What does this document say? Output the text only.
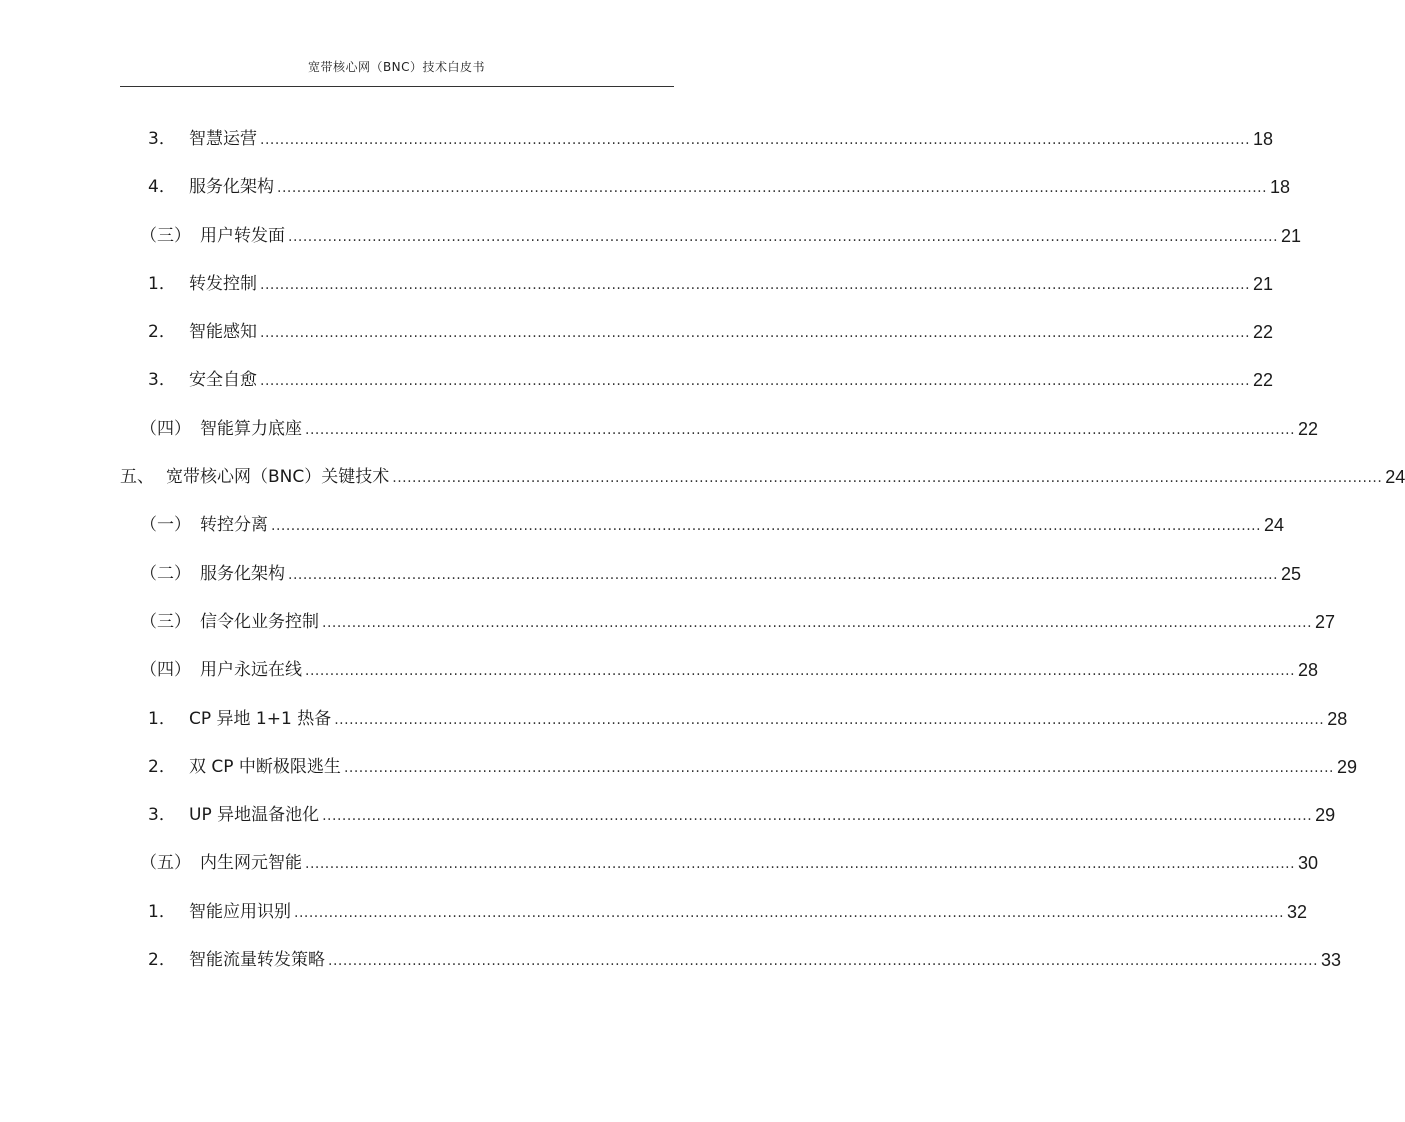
宽带核心网（BNC）技术白皮书
3． 智慧运营 ........................................................................................................................................................................................................ 18
4． 服务化架构 ........................................................................................................................................................................................................ 18
（三） 用户转发面 ........................................................................................................................................................................................................ 21
1． 转发控制 ........................................................................................................................................................................................................ 21
2． 智能感知 ........................................................................................................................................................................................................ 22
3． 安全自愈 ........................................................................................................................................................................................................ 22
（四） 智能算力底座 ........................................................................................................................................................................................................ 22
五、 宽带核心网（BNC）关键技术 ........................................................................................................................................................................................................ 24
（一） 转控分离 ........................................................................................................................................................................................................ 24
（二） 服务化架构 ........................................................................................................................................................................................................ 25
（三） 信令化业务控制 ........................................................................................................................................................................................................ 27
（四） 用户永远在线 ........................................................................................................................................................................................................ 28
1． CP 异地 1+1 热备 ........................................................................................................................................................................................................ 28
2． 双 CP 中断极限逃生 ........................................................................................................................................................................................................ 29
3． UP 异地温备池化 ........................................................................................................................................................................................................ 29
（五） 内生网元智能 ........................................................................................................................................................................................................ 30
1． 智能应用识别 ........................................................................................................................................................................................................ 32
2． 智能流量转发策略 ........................................................................................................................................................................................................ 33
